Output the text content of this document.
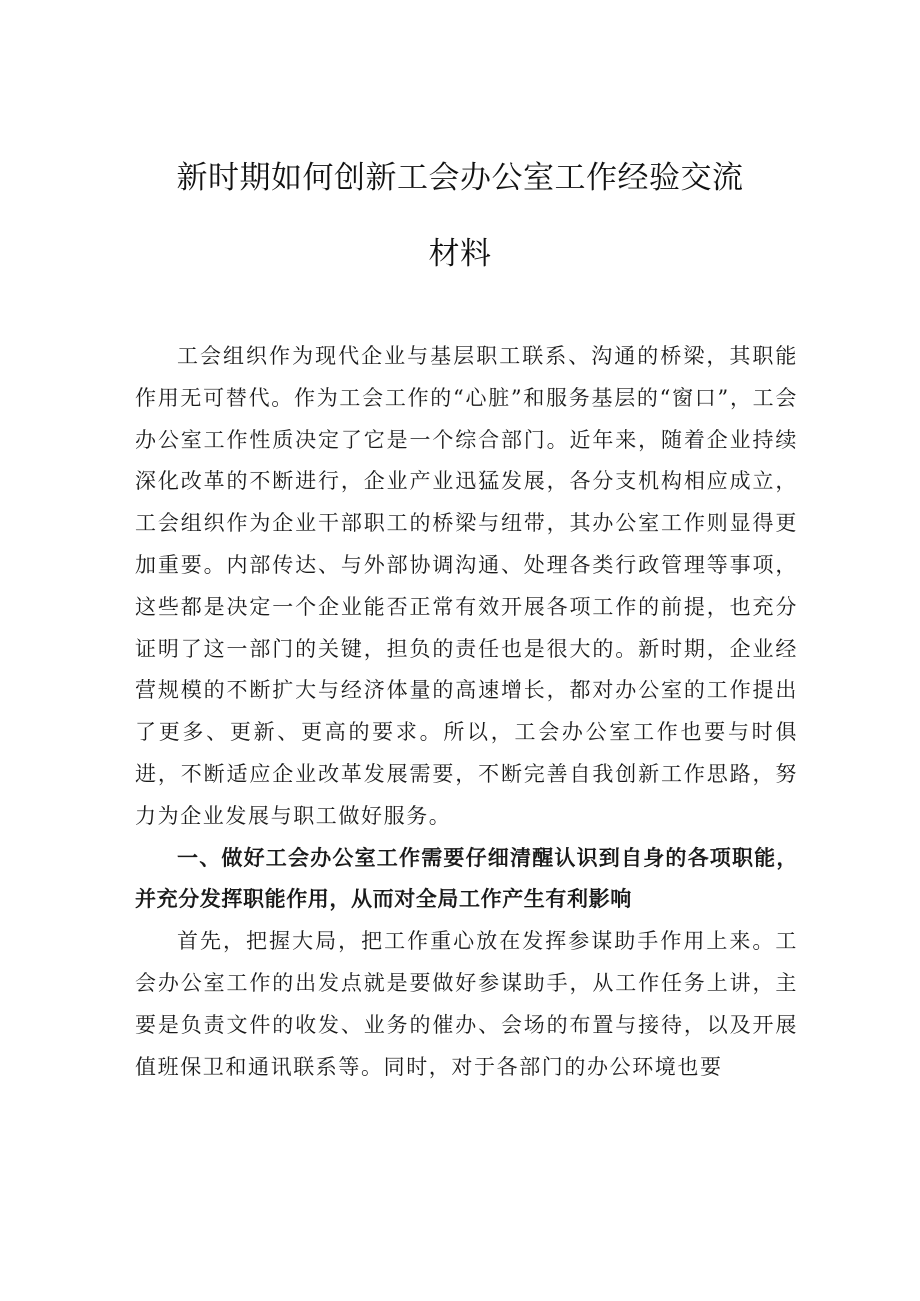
新时期如何创新工会办公室工作经验交流
材料

工会组织作为现代企业与基层职工联系、沟通的桥梁，其职能作用无可替代。作为工会工作的“心脏”和服务基层的“窗口”，工会办公室工作性质决定了它是一个综合部门。近年来，随着企业持续深化改革的不断进行，企业产业迅猛发展，各分支机构相应成立，工会组织作为企业干部职工的桥梁与纽带，其办公室工作则显得更加重要。内部传达、与外部协调沟通、处理各类行政管理等事项，这些都是决定一个企业能否正常有效开展各项工作的前提，也充分证明了这一部门的关键，担负的责任也是很大的。新时期，企业经营规模的不断扩大与经济体量的高速增长，都对办公室的工作提出了更多、更新、更高的要求。所以，工会办公室工作也要与时俱进，不断适应企业改革发展需要，不断完善自我创新工作思路，努力为企业发展与职工做好服务。

一、做好工会办公室工作需要仔细清醒认识到自身的各项职能，并充分发挥职能作用，从而对全局工作产生有利影响

首先，把握大局，把工作重心放在发挥参谋助手作用上来。工会办公室工作的出发点就是要做好参谋助手，从工作任务上讲，主要是负责文件的收发、业务的催办、会场的布置与接待，以及开展值班保卫和通讯联系等。同时，对于各部门的办公环境也要
